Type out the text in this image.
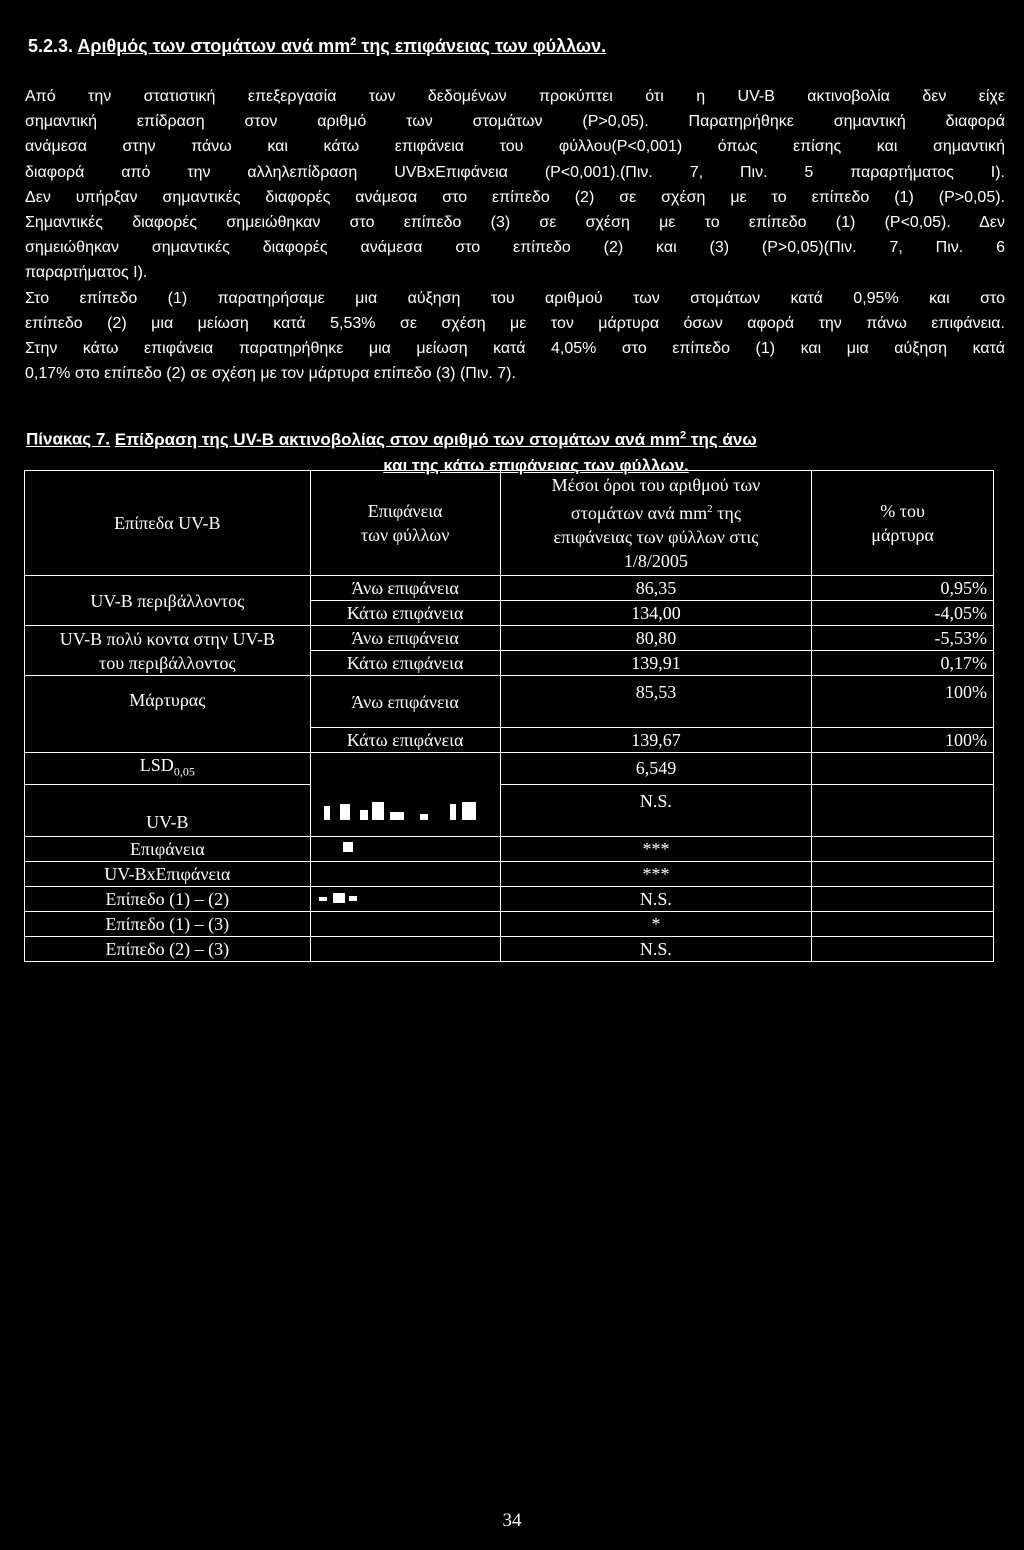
5.2.3. Αριθμός των στομάτων ανά $mm^2$ της επιφάνειας των φύλλων.

Από την στατιστική επεξεργασία των δεδομένων προκύπτει ότι η UV-B ακτινοβολία δεν είχε
σημαντική επίδραση στον αριθμό των στομάτων (P>0,05). Παρατηρήθηκε σημαντική διαφορά
ανάμεσα στην πάνω και κάτω επιφάνεια του φύλλου(P<0,001) όπως επίσης και σημαντική
διαφορά από την αλληλεπίδραση UVBxΕπιφάνεια (P<0,001).(Πιν. 7, Πιν. 5 παραρτήματος Ι).
Δεν υπήρξαν σημαντικές διαφορές ανάμεσα στο επίπεδο (2) σε σχέση με το επίπεδο (1) (P>0,05).
Σημαντικές διαφορές σημειώθηκαν στο επίπεδο (3) σε σχέση με το επίπεδο (1) (P<0,05). Δεν
σημειώθηκαν σημαντικές διαφορές ανάμεσα στο επίπεδο (2) και (3) (P>0,05)(Πιν. 7, Πιν. 6
παραρτήματος Ι).

Στο επίπεδο (1) παρατηρήσαμε μια αύξηση του αριθμού των στομάτων κατά 0,95% και στο
επίπεδο (2) μια μείωση κατά 5,53% σε σχέση με τον μάρτυρα όσων αφορά την πάνω επιφάνεια.
Στην κάτω επιφάνεια παρατηρήθηκε μια μείωση κατά 4,05% στο επίπεδο (1) και μια αύξηση κατά
0,17% στο επίπεδο (2) σε σχέση με τον μάρτυρα επίπεδο (3) (Πιν. 7).

Πίνακας 7. Επίδραση της UV-B ακτινοβολίας στον αριθμό των στομάτων ανά $mm^2$ της άνω
και της κάτω επιφάνειας των φύλλων.
Επίπεδα UV-B	Επιφάνεια
των φύλλων	Μέσοι όροι του αριθμού των
στομάτων ανά $mm^2$ της
επιφάνειας των φύλλων στις
1/8/2005	% του
μάρτυρα
UV-B περιβάλλοντος	Άνω επιφάνεια	86,35	0,95%
	Κάτω επιφάνεια	134,00	-4,05%
UV-B πολύ κοντα στην UV-B
του περιβάλλοντος	Άνω επιφάνεια	80,80	-5,53%
	Κάτω επιφάνεια	139,91	0,17%
Μάρτυρας	Άνω επιφάνεια	85,53	100%
	Κάτω επιφάνεια	139,67	100%
$LSD_{0,05}$		6,549	
UV-B		N.S.	
Επιφάνεια		***	
UV-BxΕπιφάνεια		***	
Επίπεδο (1) – (2)		N.S.	
Επίπεδο (1) – (3)		*	
Επίπεδο (2) – (3)		N.S.	
34
